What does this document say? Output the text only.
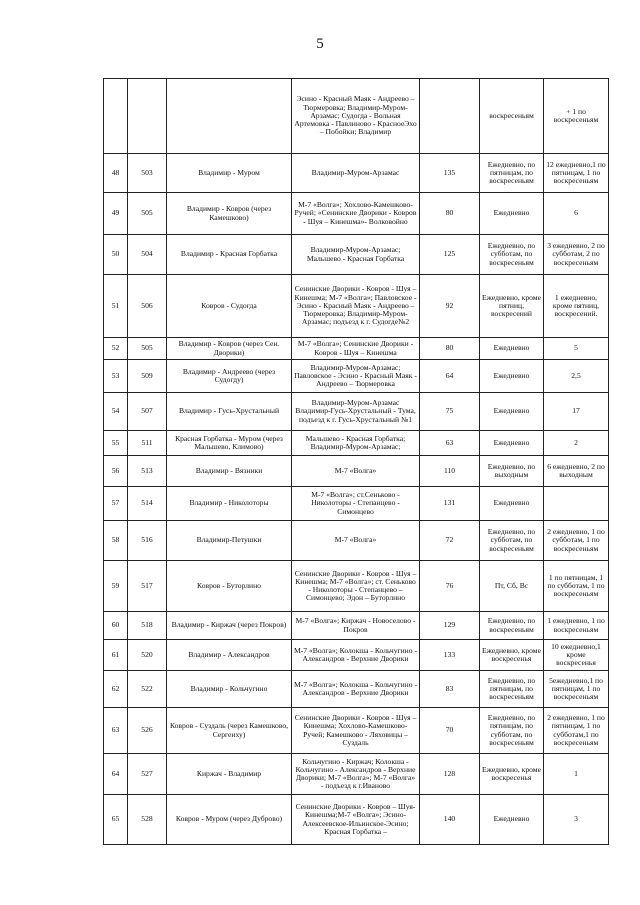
5
			Эсино - Красный Маяк - Андреево – Тюрмеровка; Владимир-Муром-Арзамас; Судогда - Вольная Артемовка - Павлиново - КрасноеЭхо – Побойки; Владимир		воскресеньям	+ 1 по воскресеньям
48	503	Владимир - Муром	Владимир-Муром-Арзамас	135	Ежедневно, по пятницам, по воскресеньям	12 ежедневно,1 по пятницам, 1 по воскресеньям
49	505	Владимир - Ковров (через Камешково)	М-7 «Волга»; Хохлово-Камешково-Ручей; «Сенинские Дворики - Ковров - Шуя – Кинешма»- Волковойно	80	Ежедневно	6
50	504	Владимир - Красная Горбатка	Владимир-Муром-Арзамас; Мальшево - Красная Горбатка	125	Ежедневно, по субботам, по воскресеньям	3 ежедневно, 2 по субботам, 2 по воскресеньям
51	506	Ковров - Судогда	Сенинские Дворики - Ковров - Шуя – Кинешма; М-7 «Волга»; Павловское - Эсино - Красный Маяк - Андреево – Тюрмеровка; Владимир-Муром-Арзамас; подъезд к г. Судогде№2	92	Ежедневно, кроме пятниц, воскресений	1 ежедневно, кроме пятниц, воскресений.
52	505	Владимир - Ковров (через Сен. Дворики)	М-7 «Волга»; Сенинские Дворики - Ковров - Шуя – Кинешма	80	Ежедневно	5
53	509	Владимир - Андреево (через Судогду)	Владимир-Муром-Арзамас; Павловское - Эсино - Красный Маяк - Андреево – Тюрмеровка	64	Ежедневно	2,5
54	507	Владимир - Гусь-Хрустальный	Владимир-Муром-Арзамас Владимир-Гусь-Хрустальный - Тума, подъезд к г. Гусь-Хрустальный №1	75	Ежедневно	17
55	511	Красная Горбатка - Муром (через Мальшево, Климово)	Мальшево - Красная Горбатка; Владимир-Муром-Арзамас;	63	Ежедневно	2
56	513	Владимир - Вязники	М-7 «Волга»	110	Ежедневно, по выходным	6 ежедневно, 2 по выходным
57	514	Владимир - Николоторы	М-7 «Волга»; ст.Сеньково - Николоторы - Степанцево - Симонцево	131	Ежедневно	
58	516	Владимир-Петушки	М-7 «Волга»	72	Ежедневно, по субботам, по воскресеньям	2 ежедневно, 1 по субботам, 1 по воскресеньям
59	517	Ковров - Буторлино	Сенинские Дворики - Ковров - Шуя – Кинешма; М-7 «Волга»; ст. Сеньково - Николоторы - Степанцево –Симонцево; Эдон – Буторлино	76	Пт, Сб, Вс	1 по пятницам, 1 по субботам, 1 по воскресеньям
60	518	Владимир - Киржач (через Покров)	М-7 «Волга»; Киржач - Новоселово - Покров	129	Ежедневно, по воскресеньям	1 ежедневно, 1 по воскресеньям
61	520	Владимир - Александров	М-7 «Волга»; Колокша - Кольчугино - Александров - Верхние Дворики	133	Ежедневно, кроме воскресенья	10 ежедневно,1 кроме воскресенья
62	522	Владимир - Кольчугино	М-7 «Волга»; Колокша - Кольчугино - Александров - Верхние Дворики	83	Ежедневно, по пятницам, по воскресеньям	5ежедневно,1 по пятницам, 1 по воскресеньям
63	526	Ковров - Суздаль (через Камешково, Сергеиху)	Сенинские Дворики - Ковров - Шуя – Кинешма; Хохлово-Камешково-Ручей; Камешково - Ляховицы – Суздаль	70	Ежедневно, по пятницам, по субботам, по воскресеньям	2 ежедневно, 1 по пятницам, 1 по субботам,1 по воскресеньям
64	527	Киржач - Владимир	Кольчугино - Киржач; Колокша - Кольчугино - Александров - Верхние Дворики; М-7 «Волга»; М-7 «Волга» - подъезд к г.Иваново	128	Ежедневно, кроме воскресенья	1
65	528	Ковров - Муром (через Дуброво)	Сенинские Дворики - Ковров – Шуя-Кинешма;М-7 «Волга»; Эсино-Алексеевское-Ильинское-Эсино; Красная Горбатка –	140	Ежедневно	3
